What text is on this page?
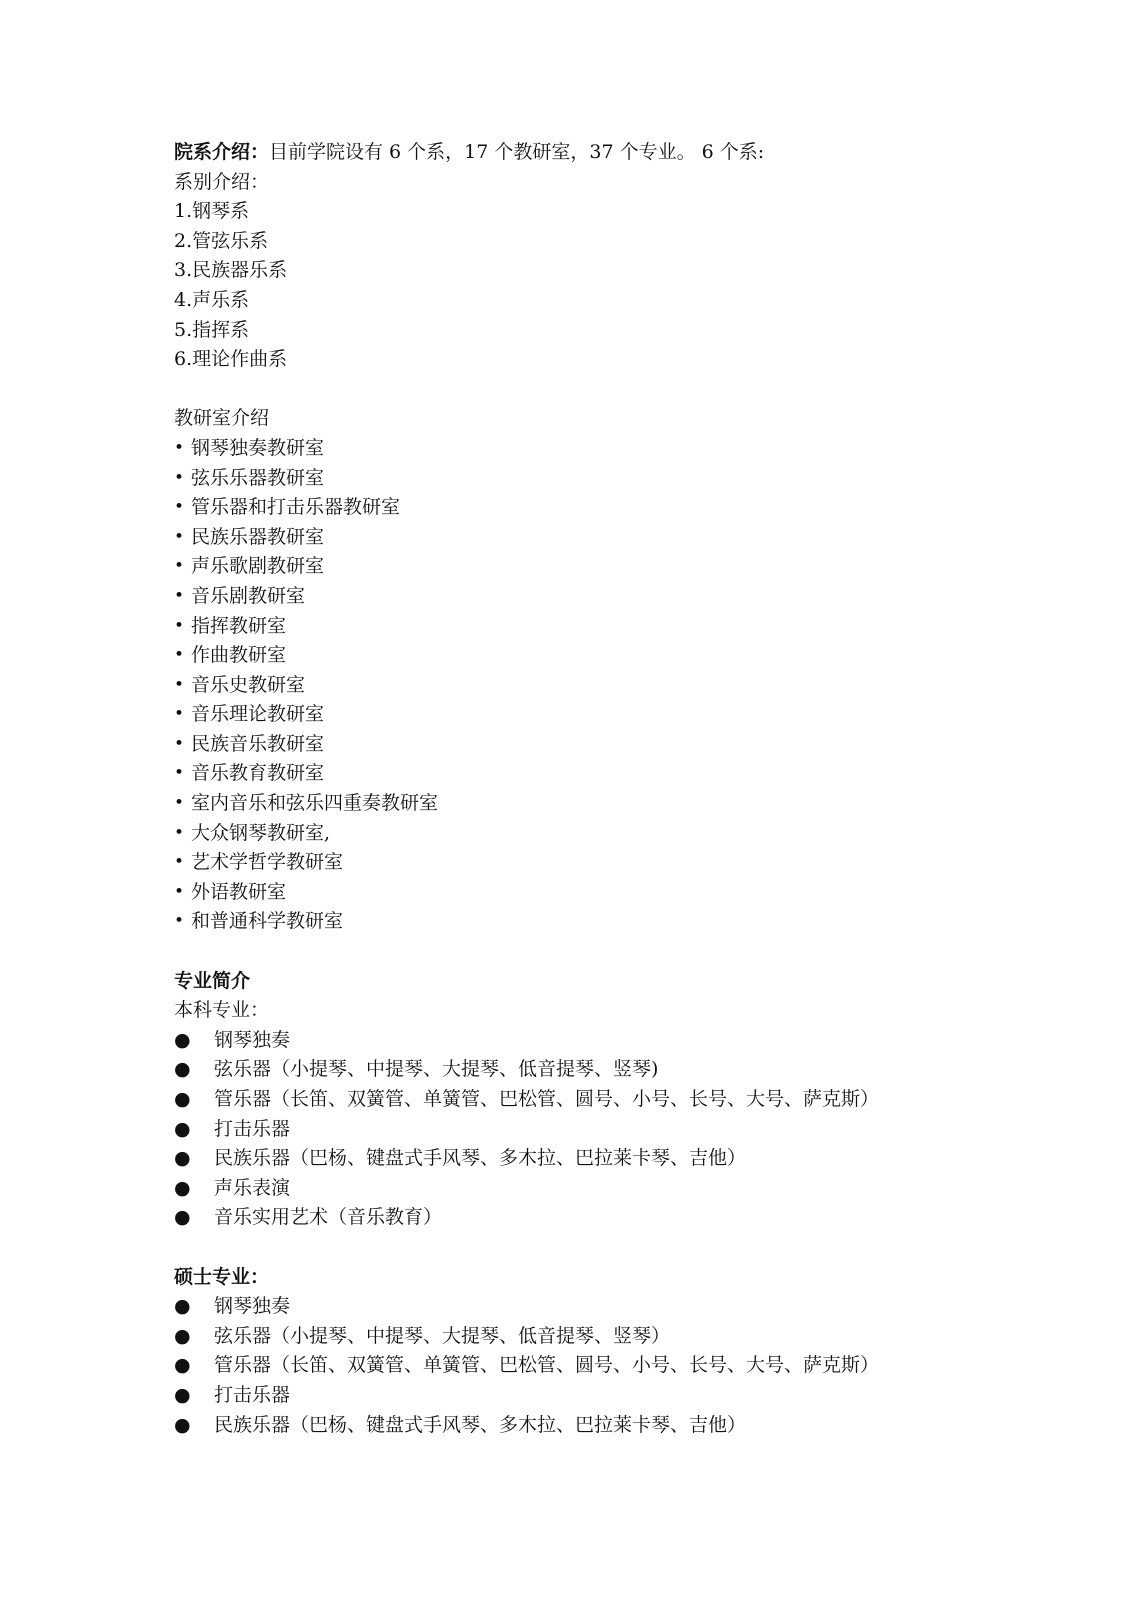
院系介绍：目前学院设有 6 个系，17 个教研室，37 个专业。 6 个系:
系别介绍：
1.钢琴系
2.管弦乐系
3.民族器乐系
4.声乐系
5.指挥系
6.理论作曲系
教研室介绍
• 钢琴独奏教研室
• 弦乐乐器教研室
• 管乐器和打击乐器教研室
• 民族乐器教研室
• 声乐歌剧教研室
• 音乐剧教研室
• 指挥教研室
• 作曲教研室
• 音乐史教研室
• 音乐理论教研室
• 民族音乐教研室
• 音乐教育教研室
• 室内音乐和弦乐四重奏教研室
• 大众钢琴教研室,
• 艺术学哲学教研室
• 外语教研室
• 和普通科学教研室
专业简介
本科专业：
●	钢琴独奏
●	弦乐器（小提琴、中提琴、大提琴、低音提琴、竖琴)
●	管乐器（长笛、双簧管、单簧管、巴松管、圆号、小号、长号、大号、萨克斯）
●	打击乐器
●	民族乐器（巴杨、键盘式手风琴、多木拉、巴拉莱卡琴、吉他）
●	声乐表演
●	音乐实用艺术（音乐教育）
硕士专业：
●	钢琴独奏
●	弦乐器（小提琴、中提琴、大提琴、低音提琴、竖琴）
●	管乐器（长笛、双簧管、单簧管、巴松管、圆号、小号、长号、大号、萨克斯）
●	打击乐器
●	民族乐器（巴杨、键盘式手风琴、多木拉、巴拉莱卡琴、吉他）
